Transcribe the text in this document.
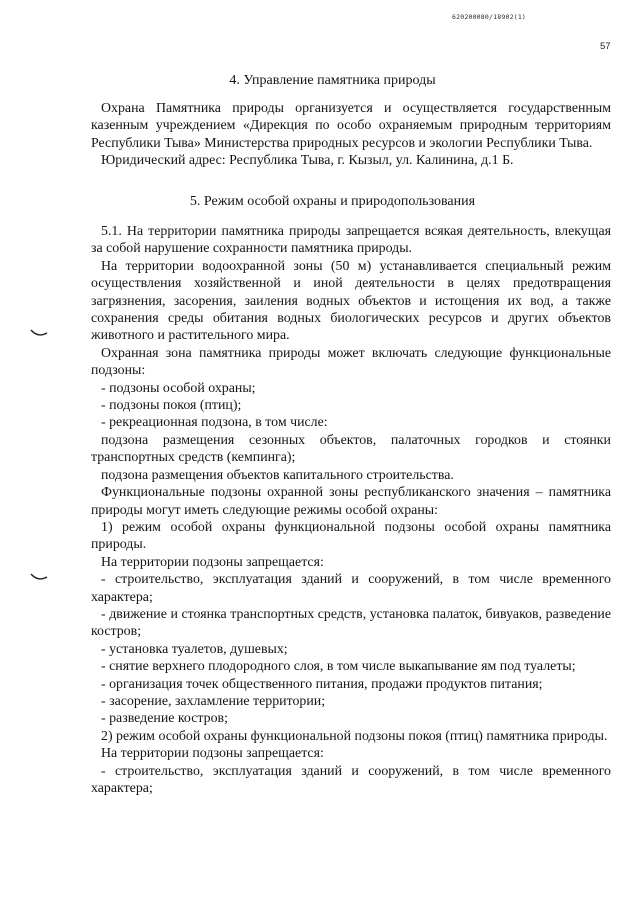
620200080/18902(1)
57
4. Управление памятника природы

Охрана Памятника природы организуется и осуществляется государственным казенным учреждением «Дирекция по особо охраняемым природным территориям Республики Тыва» Министерства природных ресурсов и экологии Республики Тыва.

Юридический адрес: Республика Тыва, г. Кызыл, ул. Калинина, д.1 Б.

5. Режим особой охраны и природопользования

5.1. На территории памятника природы запрещается всякая деятельность, влекущая за собой нарушение сохранности памятника природы.

На территории водоохранной зоны (50 м) устанавливается специальный режим осуществления хозяйственной и иной деятельности в целях предотвращения загрязнения, засорения, заиления водных объектов и истощения их вод, а также сохранения среды обитания водных биологических ресурсов и других объектов животного и растительного мира.

Охранная зона памятника природы может включать следующие функциональные подзоны:

- подзоны особой охраны;

- подзоны покоя (птиц);

- рекреационная подзона, в том числе:

подзона размещения сезонных объектов, палаточных городков и стоянки транспортных средств (кемпинга);

подзона размещения объектов капитального строительства.

Функциональные подзоны охранной зоны республиканского значения – памятника природы могут иметь следующие режимы особой охраны:

1) режим особой охраны функциональной подзоны особой охраны памятника природы.

На территории подзоны запрещается:

- строительство, эксплуатация зданий и сооружений, в том числе временного характера;

- движение и стоянка транспортных средств, установка палаток, бивуаков, разведение костров;

- установка туалетов, душевых;

- снятие верхнего плодородного слоя, в том числе выкапывание ям под туалеты;

- организация точек общественного питания, продажи продуктов питания;

- засорение, захламление территории;

- разведение костров;

2) режим особой охраны функциональной подзоны покоя (птиц) памятника природы.

На территории подзоны запрещается:

- строительство, эксплуатация зданий и сооружений, в том числе временного характера;
